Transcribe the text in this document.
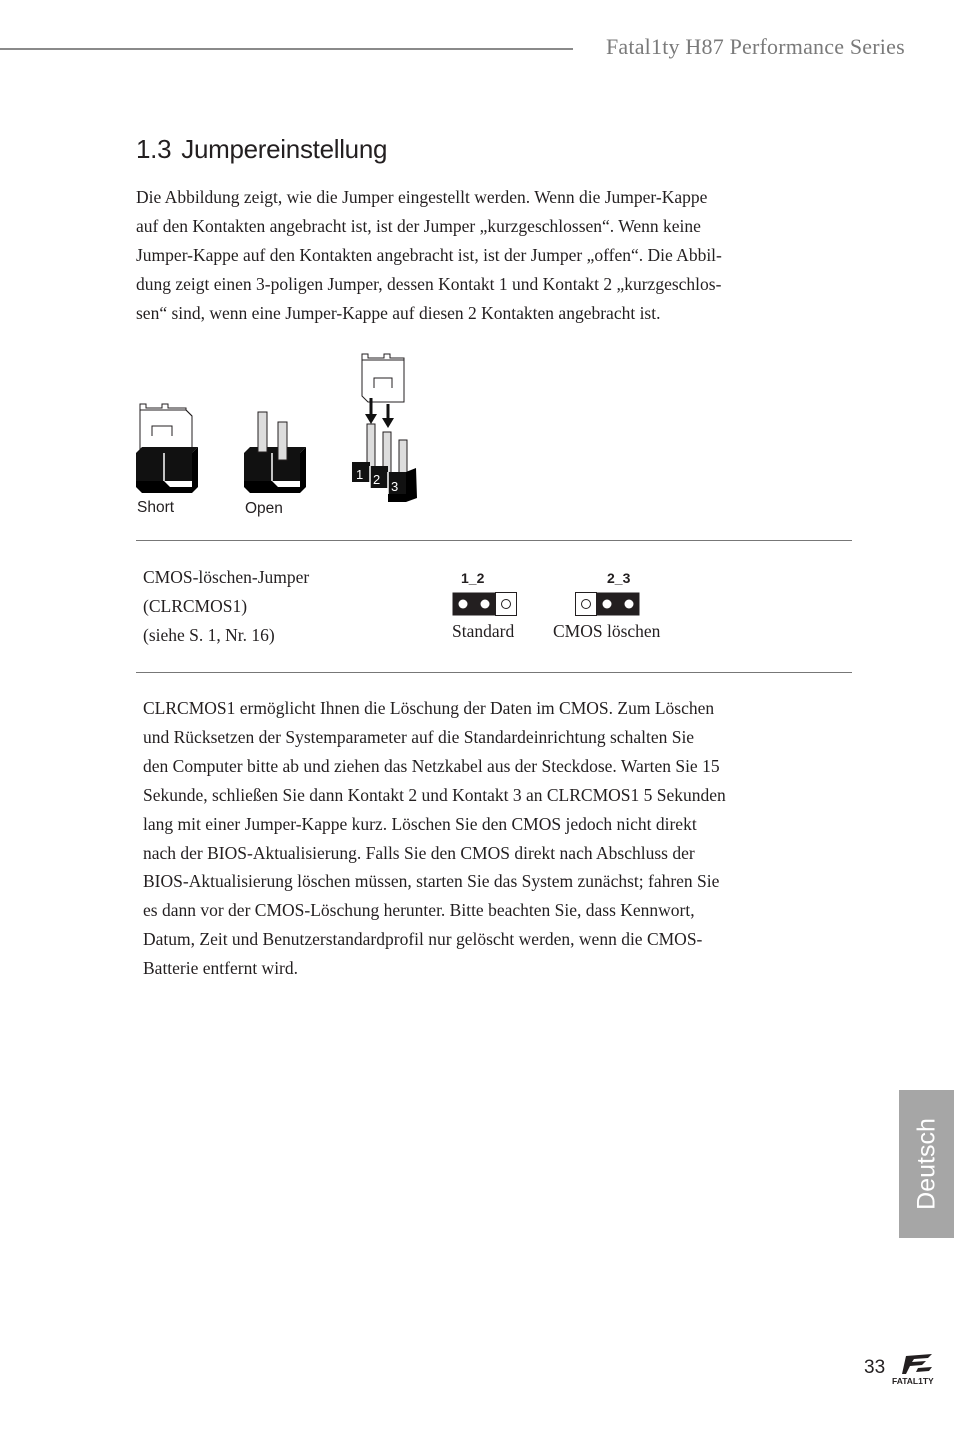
Fatal1ty H87 Performance Series
1.3 Jumpereinstellung

Die Abbildung zeigt, wie die Jumper eingestellt werden. Wenn die Jumper-Kappe
auf den Kontakten angebracht ist, ist der Jumper „kurzgeschlossen“. Wenn keine
Jumper-Kappe auf den Kontakten angebracht ist, ist der Jumper „offen“. Die Abbil-
dung zeigt einen 3-poligen Jumper, dessen Kontakt 1 und Kontakt 2 „kurzgeschlos-
sen“ sind, wenn eine Jumper-Kappe auf diesen 2 Kontakten angebracht ist.

1 2 3
Short	Open
CMOS-löschen-Jumper
(CLRCMOS1)
(siehe S. 1, Nr. 16)
1_2
Standard
2_3
CMOS löschen

CLRCMOS1 ermöglicht Ihnen die Löschung der Daten im CMOS. Zum Löschen
und Rücksetzen der Systemparameter auf die Standardeinrichtung schalten Sie
den Computer bitte ab und ziehen das Netzkabel aus der Steckdose. Warten Sie 15
Sekunde, schließen Sie dann Kontakt 2 und Kontakt 3 an CLRCMOS1 5 Sekunden
lang mit einer Jumper-Kappe kurz. Löschen Sie den CMOS jedoch nicht direkt
nach der BIOS-Aktualisierung. Falls Sie den CMOS direkt nach Abschluss der
BIOS-Aktualisierung löschen müssen, starten Sie das System zunächst; fahren Sie
es dann vor der CMOS-Löschung herunter. Bitte beachten Sie, dass Kennwort,
Datum, Zeit und Benutzerstandardprofil nur gelöscht werden, wenn die CMOS-
Batterie entfernt wird.

Deutsch
33
FATAL1TY
